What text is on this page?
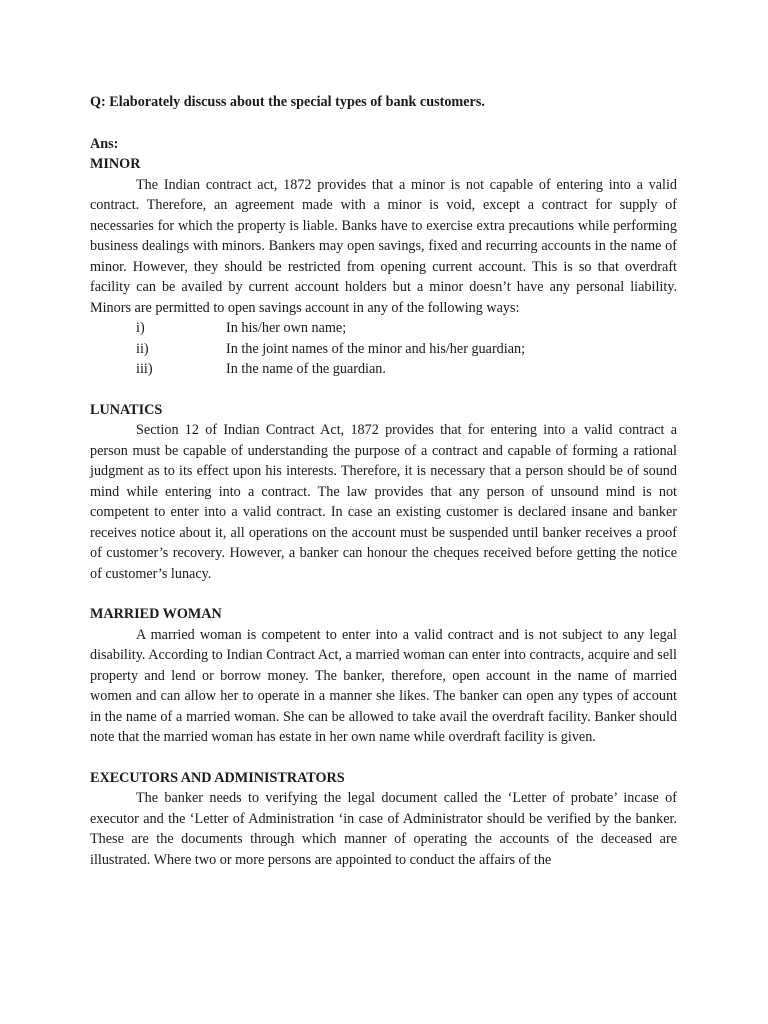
Q: Elaborately discuss about the special types of bank customers.

Ans:

MINOR

The Indian contract act, 1872 provides that a minor is not capable of entering into a valid contract. Therefore, an agreement made with a minor is void, except a contract for supply of necessaries for which the property is liable. Banks have to exercise extra precautions while performing business dealings with minors. Bankers may open savings, fixed and recurring accounts in the name of minor. However, they should be restricted from opening current account. This is so that overdraft facility can be availed by current account holders but a minor doesn’t have any personal liability. Minors are permitted to open savings account in any of the following ways:

i)	In his/her own name;
ii)	In the joint names of the minor and his/her guardian;
iii)	In the name of the guardian.
LUNATICS

Section 12 of Indian Contract Act, 1872 provides that for entering into a valid contract a person must be capable of understanding the purpose of a contract and capable of forming a rational judgment as to its effect upon his interests. Therefore, it is necessary that a person should be of sound mind while entering into a contract. The law provides that any person of unsound mind is not competent to enter into a valid contract. In case an existing customer is declared insane and banker receives notice about it, all operations on the account must be suspended until banker receives a proof of customer’s recovery. However, a banker can honour the cheques received before getting the notice of customer’s lunacy.

MARRIED WOMAN

A married woman is competent to enter into a valid contract and is not subject to any legal disability. According to Indian Contract Act, a married woman can enter into contracts, acquire and sell property and lend or borrow money. The banker, therefore, open account in the name of married women and can allow her to operate in a manner she likes. The banker can open any types of account in the name of a married woman. She can be allowed to take avail the overdraft facility. Banker should note that the married woman has estate in her own name while overdraft facility is given.

EXECUTORS AND ADMINISTRATORS

The banker needs to verifying the legal document called the ‘Letter of probate’ incase of executor and the ‘Letter of Administration ‘in case of Administrator should be verified by the banker. These are the documents through which manner of operating the accounts of the deceased are illustrated. Where two or more persons are appointed to conduct the affairs of the
